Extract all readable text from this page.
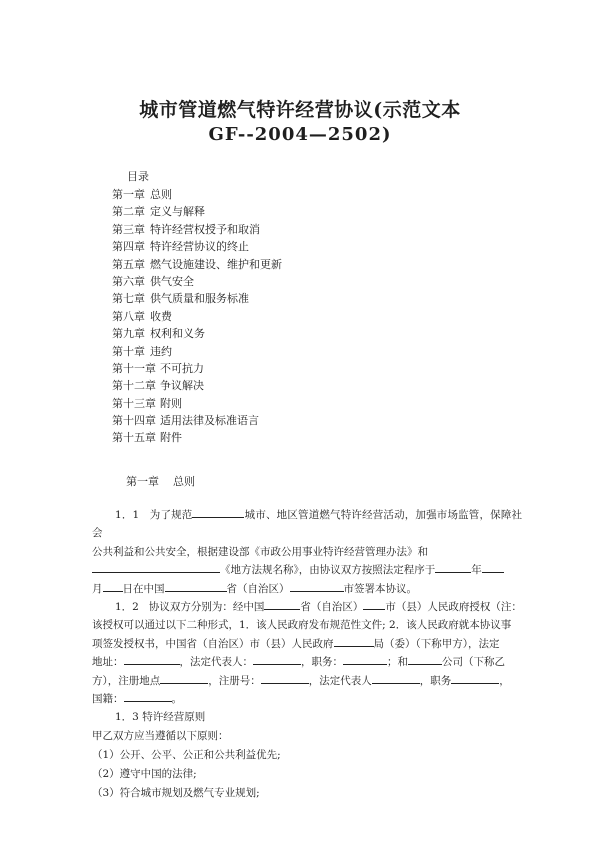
城市管道燃气特许经营协议(示范文本
GF--2004—2502)
目录
第一章 总则
第二章 定义与解释
第三章 特许经营权授予和取消
第四章 特许经营协议的终止
第五章 燃气设施建设、维护和更新
第六章 供气安全
第七章 供气质量和服务标准
第八章 收费
第九章 权利和义务
第十章 违约
第十一章 不可抗力
第十二章 争议解决
第十三章 附则
第十四章 适用法律及标准语言
第十五章 附件
第一章 总则

1．1 为了规范	城市、地区管道燃气特许经营活动，加强市场监管，保障社会

公共利益和公共安全，根据建设部《市政公用事业特许经营管理办法》和

《地方法规名称》，由协议双方按照法定程序于	年

月 日在中国	省（自治区）	市签署本协议。

1．2 协议双方分别为：经中国	省（自治区） 市（县）人民政府授权（注：

该授权可以通过以下二种形式，1．该人民政府发布规范性文件; 2．该人民政府就本协议事

项签发授权书，中国省（自治区）市（县）人民政府	局（委）（下称甲方），法定

地址：	，法定代表人：	，职务：	；和	公司（下称乙

方），注册地点	，注册号：	，法定代表人	，职务	，

国籍：	。

1．3 特许经营原则

甲乙双方应当遵循以下原则：

（1）公开、公平、公正和公共利益优先;

（2）遵守中国的法律;

（3）符合城市规划及燃气专业规划;
